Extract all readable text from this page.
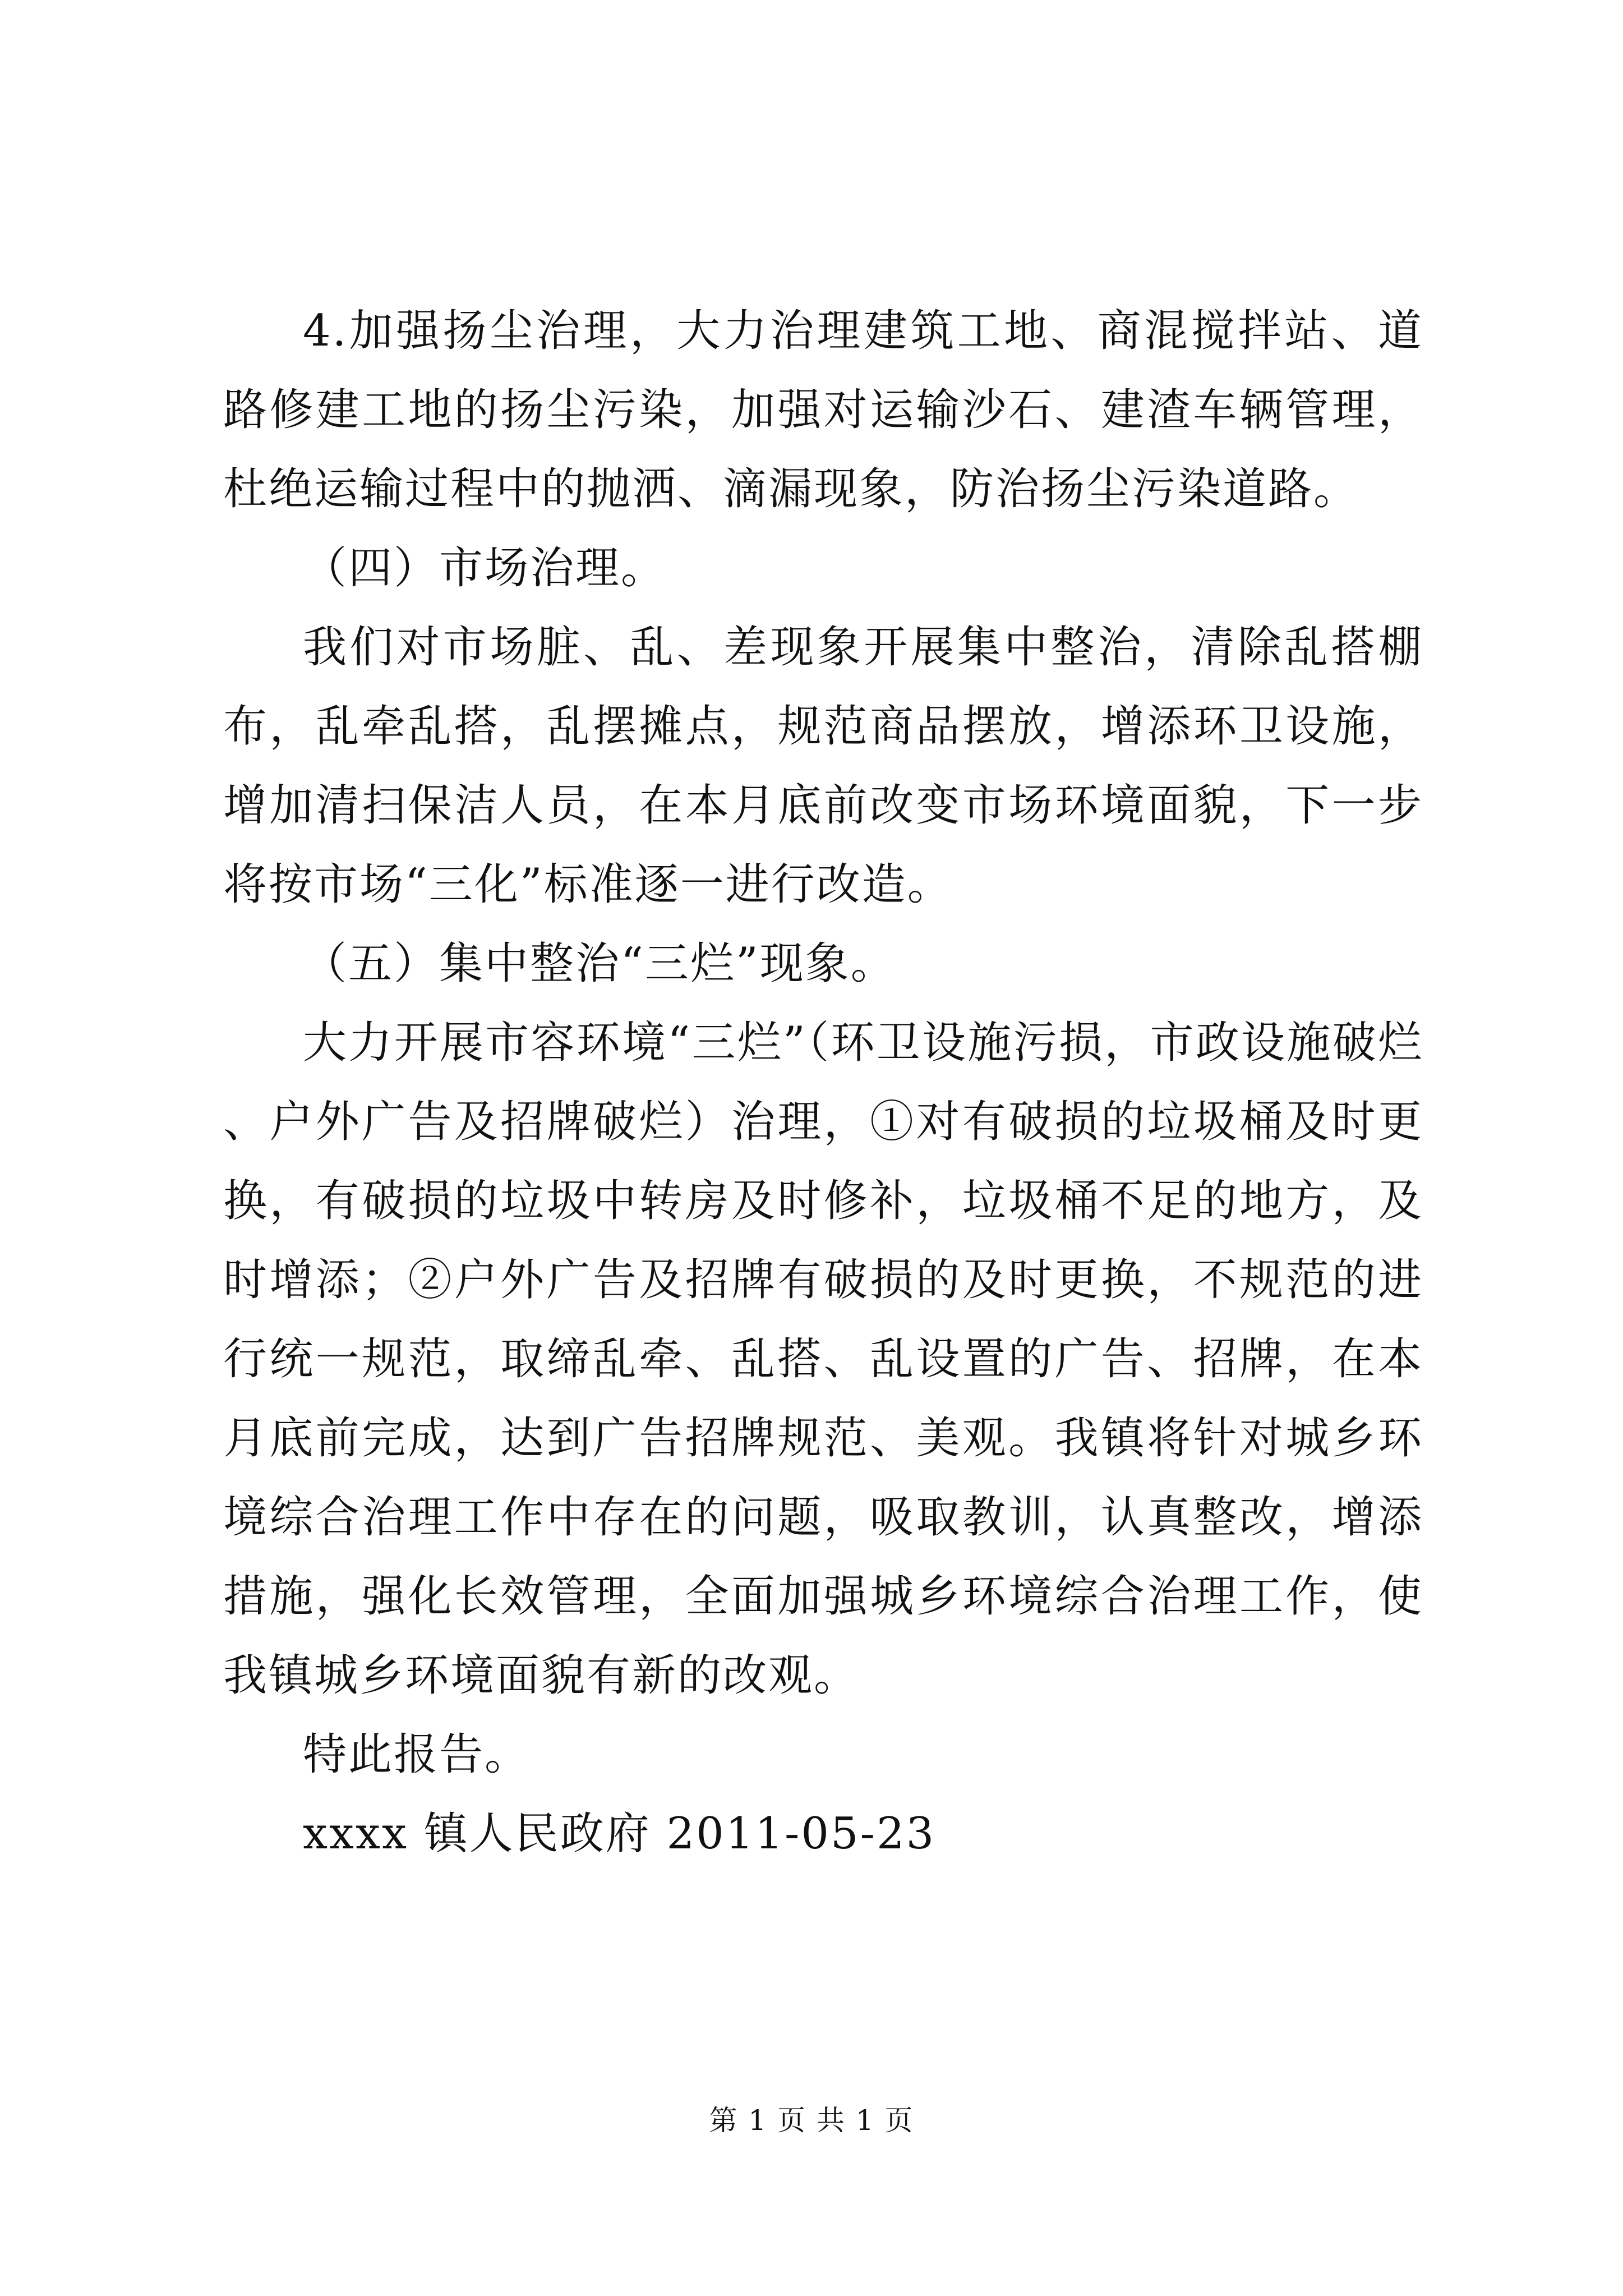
4.加强扬尘治理，大力治理建筑工地、商混搅拌站、道路修建工地的扬尘污染，加强对运输沙石、建渣车辆管理，杜绝运输过程中的抛洒、滴漏现象，防治扬尘污染道路。

（四）市场治理。

我们对市场脏、乱、差现象开展集中整治，清除乱搭棚布，乱牵乱搭，乱摆摊点，规范商品摆放，增添环卫设施，增加清扫保洁人员，在本月底前改变市场环境面貌，下一步将按市场“三化”标准逐一进行改造。

（五）集中整治“三烂”现象。

大力开展市容环境“三烂”（环卫设施污损，市政设施破烂、户外广告及招牌破烂）治理，①对有破损的垃圾桶及时更换，有破损的垃圾中转房及时修补，垃圾桶不足的地方，及时增添；②户外广告及招牌有破损的及时更换，不规范的进行统一规范，取缔乱牵、乱搭、乱设置的广告、招牌，在本月底前完成，达到广告招牌规范、美观。我镇将针对城乡环境综合治理工作中存在的问题，吸取教训，认真整改，增添措施，强化长效管理，全面加强城乡环境综合治理工作，使我镇城乡环境面貌有新的改观。

特此报告。

xxxx 镇人民政府 2011-05-23

第 1 页 共 1 页
